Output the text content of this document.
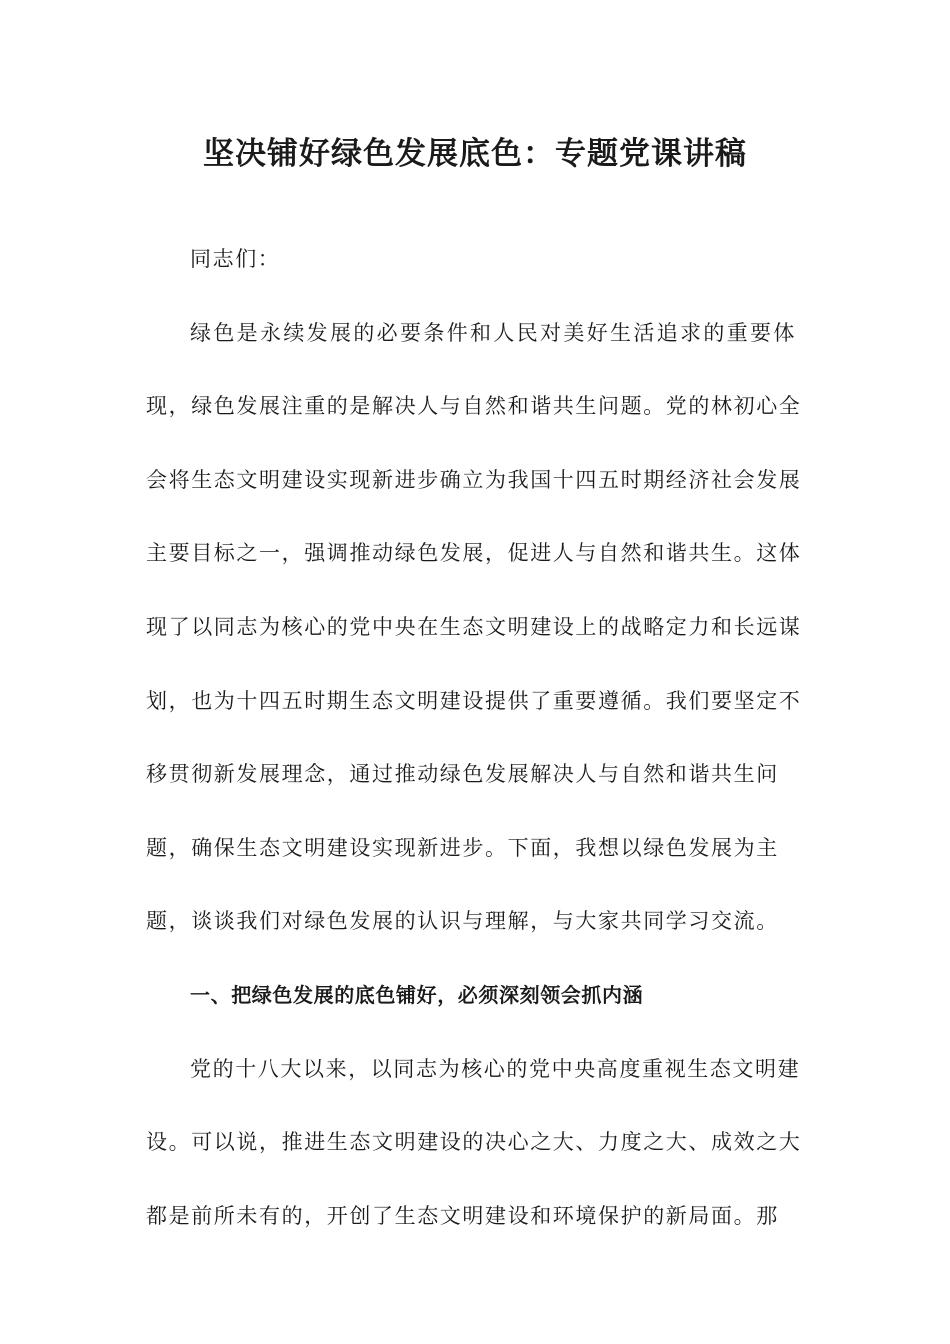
坚决铺好绿色发展底色：专题党课讲稿

同志们：

绿色是永续发展的必要条件和人民对美好生活追求的重要体

现，绿色发展注重的是解决人与自然和谐共生问题。党的林初心全

会将生态文明建设实现新进步确立为我国十四五时期经济社会发展

主要目标之一，强调推动绿色发展，促进人与自然和谐共生。这体

现了以同志为核心的党中央在生态文明建设上的战略定力和长远谋

划，也为十四五时期生态文明建设提供了重要遵循。我们要坚定不

移贯彻新发展理念，通过推动绿色发展解决人与自然和谐共生问

题，确保生态文明建设实现新进步。下面，我想以绿色发展为主

题，谈谈我们对绿色发展的认识与理解，与大家共同学习交流。

一、把绿色发展的底色铺好，必须深刻领会抓内涵

党的十八大以来，以同志为核心的党中央高度重视生态文明建

设。可以说，推进生态文明建设的决心之大、力度之大、成效之大

都是前所未有的，开创了生态文明建设和环境保护的新局面。那
